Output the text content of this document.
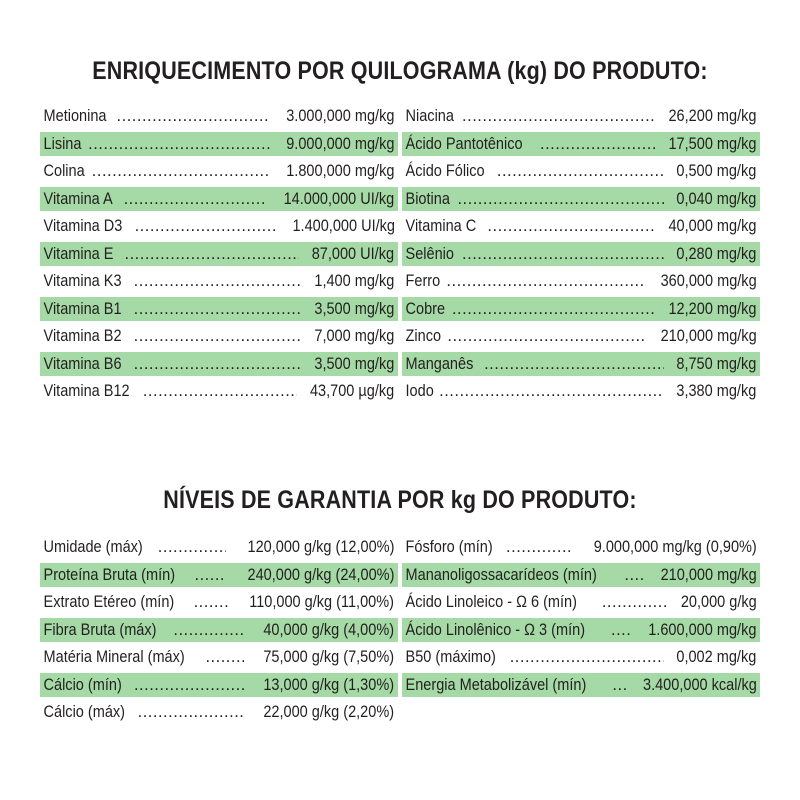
ENRIQUECIMENTO POR QUILOGRAMA (kg) DO PRODUTO:
Metionina .....	3.000,000 mg/kg Niacina .....	26,200 mg/kg
Lisina .....	9.000,000 mg/kg Ácido Pantotênico .....	17,500 mg/kg
Colina .....	1.800,000 mg/kg Ácido Fólico .....	0,500 mg/kg
Vitamina A .....	14.000,000 UI/kg Biotina .....	0,040 mg/kg
Vitamina D3 .....	1.400,000 UI/kg Vitamina C .....	40,000 mg/kg
Vitamina E .....	87,000 UI/kg Selênio .....	0,280 mg/kg
Vitamina K3 .....	1,400 mg/kg Ferro .....	360,000 mg/kg
Vitamina B1 .....	3,500 mg/kg Cobre .....	12,200 mg/kg
Vitamina B2 .....	7,000 mg/kg Zinco .....	210,000 mg/kg
Vitamina B6 .....	3,500 mg/kg Manganês .....	8,750 mg/kg
Vitamina B12 .....	43,700 µg/kg Iodo .....	3,380 mg/kg
NÍVEIS DE GARANTIA POR kg DO PRODUTO:
Umidade (máx) .....	120,000 g/kg (12,00%) Fósforo (mín) .....	9.000,000 mg/kg (0,90%)
Proteína Bruta (mín) .....	240,000 g/kg (24,00%) Mananoligossacarídeos (mín) .....	210,000 mg/kg
Extrato Etéreo (mín) .....	110,000 g/kg (11,00%) Ácido Linoleico - Ω 6 (mín) .....	20,000 g/kg
Fibra Bruta (máx) .....	40,000 g/kg (4,00%) Ácido Linolênico - Ω 3 (mín) .....	1.600,000 mg/kg
Matéria Mineral (máx) .....	75,000 g/kg (7,50%) B50 (máximo) .....	0,002 mg/kg
Cálcio (mín) .....	13,000 g/kg (1,30%) Energia Metabolizável (mín) .....	3.400,000 kcal/kg
Cálcio (máx) .....	22,000 g/kg (2,20%)
